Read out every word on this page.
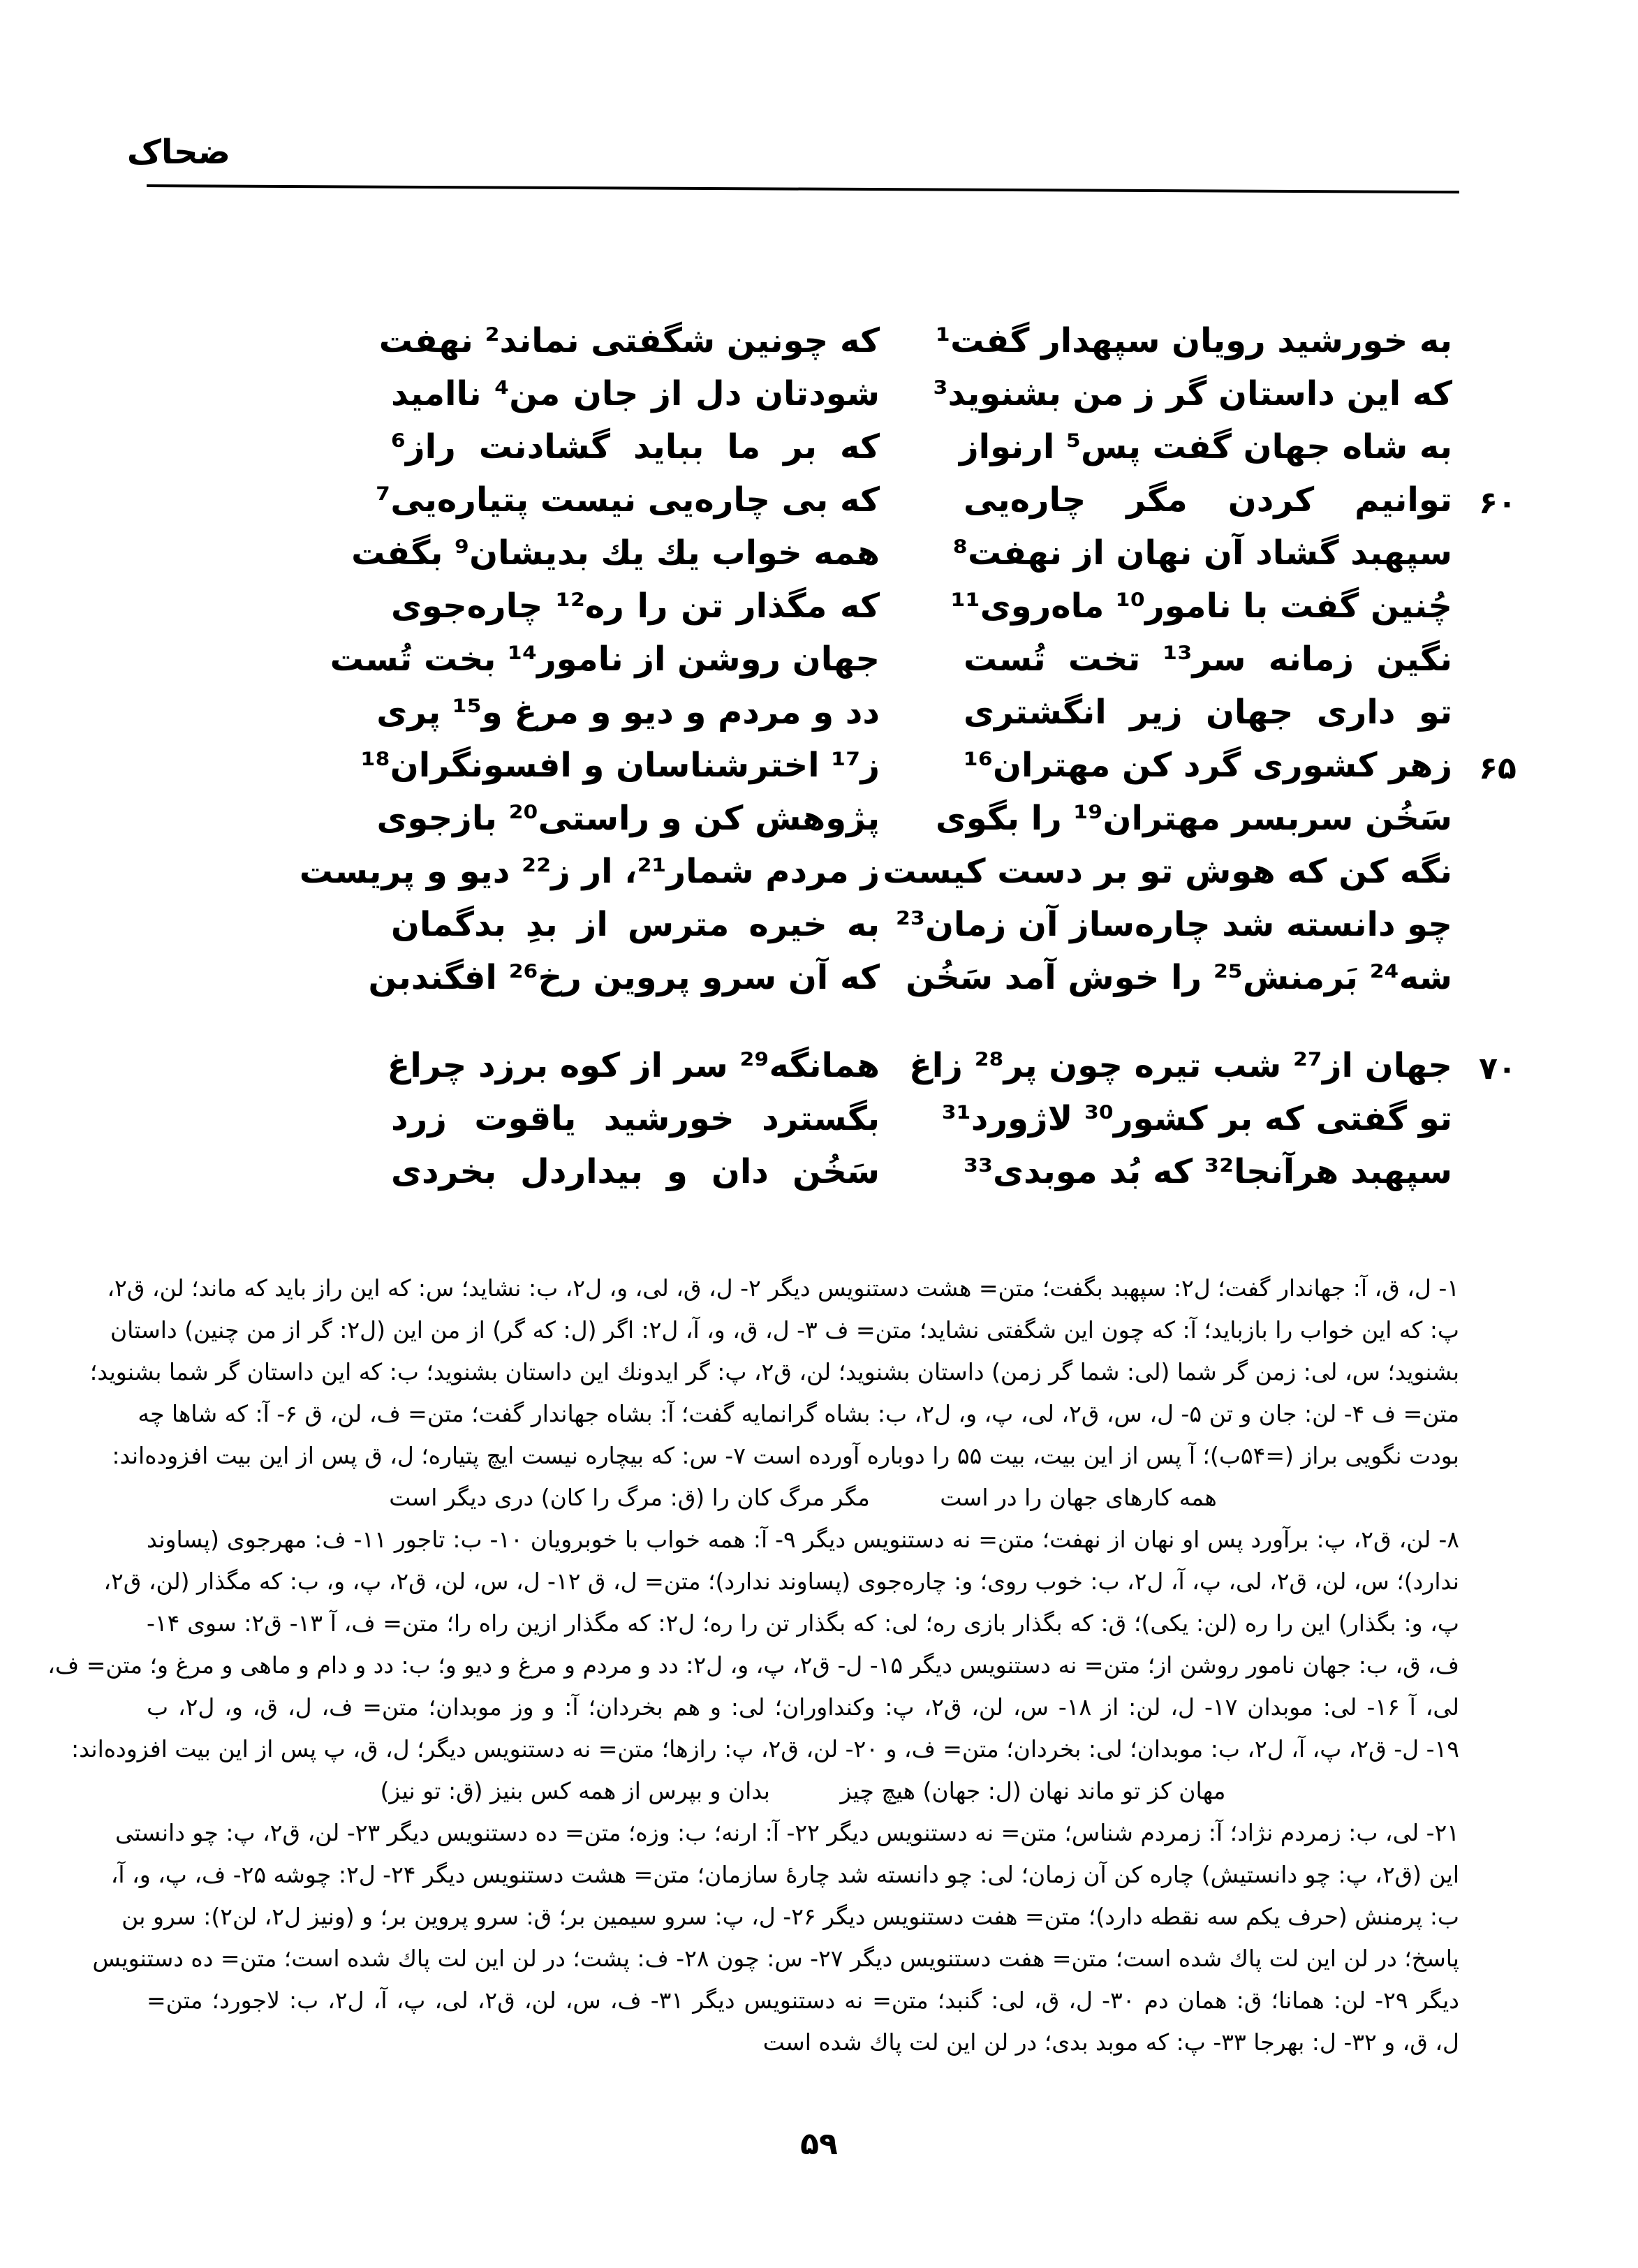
ضحاک
به خورشید رویان سپهدار گفت¹
که چونین شگفتی نماند² نهفت
که این داستان گر ز من بشنوید³
شودتان دل از جان من⁴ ناامید
به شاه جهان گفت پس⁵ ارنواز
که بر ما بباید گشادنت راز⁶
۶۰
توانیم کردن مگر چاره‌یی
که بی چاره‌یی نیست پتیاره‌یی⁷
سپهبد گشاد آن نهان از نهفت⁸
همه خواب یك یك بدیشان⁹ بگفت
چُنین گفت با نامور¹⁰ ماه‌روی¹¹
که مگذار تن را ره¹² چاره‌جوی
نگین زمانه سر¹³ تخت تُست
جهان روشن از نامور¹⁴ بخت تُست
تو داری جهان زیر انگشتری
دد و مردم و دیو و مرغ و¹⁵ پری
۶۵
زهر کشوری گرد کن مهتران¹⁶
ز¹⁷ اخترشناسان و افسونگران¹⁸
سَخُن سربسر مهتران¹⁹ را بگوی
پژوهش کن و راستی²⁰ بازجوی
نگه کن که هوش تو بر دست کیست
ز مردم شمار²¹، ار ز²² دیو و پریست
چو دانسته شد چاره‌ساز آن زمان²³
به خیره مترس از بدِ بدگمان
شه²⁴ بَرمنش²⁵ را خوش آمد سَخُن
که آن سرو پروین رخ²⁶ افگندبن
۷۰
جهان از²⁷ شب تیره چون پر²⁸ زاغ
همانگه²⁹ سر از کوه برزد چراغ
تو گفتی که بر کشور³⁰ لاژورد³¹
بگسترد خورشید یاقوت زرد
سپهبد هرآنجا³² که بُد موبدی³³
سَخُن دان و بیداردل بخردی
۱- ل، ق، آ: جهاندار گفت؛ ل۲: سپهبد بگفت؛ متن= هشت دستنویس دیگر ۲- ل، ق، لی، و، ل۲، ب: نشاید؛ س: که این راز باید که ماند؛ لن، ق۲،
پ: که این خواب را بازباید؛ آ: که چون این شگفتی نشاید؛ متن= ف ۳- ل، ق، و، آ، ل۲: اگر (ل: که گر) از من این (ل۲: گر از من چنین) داستان
بشنوید؛ س، لی: زمن گر شما (لی: شما گر زمن) داستان بشنوید؛ لن، ق۲، پ: گر ایدونك این داستان بشنوید؛ ب: که این داستان گر شما بشنوید؛
متن= ف ۴- لن: جان و تن ۵- ل، س، ق۲، لی، پ، و، ل۲، ب: بشاه گرانمایه گفت؛ آ: بشاه جهاندار گفت؛ متن= ف، لن، ق ۶- آ: که شاها چه
بودت نگویی براز (=۵۴ب)؛ آ پس از این بیت، بیت ۵۵ را دوباره آورده است ۷- س: که بیچاره نیست ایچ پتیاره؛ ل، ق پس از این بیت افزوده‌اند:
همه کارهای جهان را در است مگر مرگ کان را (ق: مرگ را کان) دری دیگر است
۸- لن، ق۲، پ: برآورد پس او نهان از نهفت؛ متن= نه دستنویس دیگر ۹- آ: همه خواب با خوبرویان ۱۰- ب: تاجور ۱۱- ف: مهرجوی (پساوند
ندارد)؛ س، لن، ق۲، لی، پ، آ، ل۲، ب: خوب روی؛ و: چاره‌جوی (پساوند ندارد)؛ متن= ل، ق ۱۲- ل، س، لن، ق۲، پ، و، ب: که مگذار (لن، ق۲،
پ، و: بگذار) این را ره (لن: یکی)؛ ق: که بگذار بازی ره؛ لی: که بگذار تن را ره؛ ل۲: که مگذار ازین راه را؛ متن= ف، آ ۱۳- ق۲: سوی ۱۴-
ف، ق، ب: جهان نامور روشن از؛ متن= نه دستنویس دیگر ۱۵- ل- ق۲، پ، و، ل۲: دد و مردم و مرغ و دیو و؛ ب: دد و دام و ماهی و مرغ و؛ متن= ف،
لی، آ ۱۶- لی: موبدان ۱۷- ل، لن: از ۱۸- س، لن، ق۲، پ: وکنداوران؛ لی: و هم بخردان؛ آ: و وز موبدان؛ متن= ف، ل، ق، و، ل۲، ب
۱۹- ل- ق۲، پ، آ، ل۲، ب: موبدان؛ لی: بخردان؛ متن= ف، و ۲۰- لن، ق۲، پ: رازها؛ متن= نه دستنویس دیگر؛ ل، ق، پ پس از این بیت افزوده‌اند:
مهان کز تو ماند نهان (ل: جهان) هیچ چیز بدان و بپرس از همه کس بنیز (ق: تو نیز)
۲۱- لی، ب: زمردم نژاد؛ آ: زمردم شناس؛ متن= نه دستنویس دیگر ۲۲- آ: ارنه؛ ب: وزه؛ متن= ده دستنویس دیگر ۲۳- لن، ق۲، پ: چو دانستی
این (ق۲، پ: چو دانستیش) چاره کن آن زمان؛ لی: چو دانسته شد چارهٔ سازمان؛ متن= هشت دستنویس دیگر ۲۴- ل۲: چوشه ۲۵- ف، پ، و، آ،
ب: پرمنش (حرف یکم سه نقطه دارد)؛ متن= هفت دستنویس دیگر ۲۶- ل، پ: سرو سیمین بر؛ ق: سرو پروین بر؛ و (ونیز ل۲، لن۲): سرو بن
پاسخ؛ در لن این لت پاك شده است؛ متن= هفت دستنویس دیگر ۲۷- س: چون ۲۸- ف: پشت؛ در لن این لت پاك شده است؛ متن= ده دستنویس
دیگر ۲۹- لن: همانا؛ ق: همان دم ۳۰- ل، ق، لی: گنبد؛ متن= نه دستنویس دیگر ۳۱- ف، س، لن، ق۲، لی، پ، آ، ل۲، ب: لاجورد؛ متن=
ل، ق، و ۳۲- ل: بهرجا ۳۳- پ: که موبد بدی؛ در لن این لت پاك شده است
۵۹
